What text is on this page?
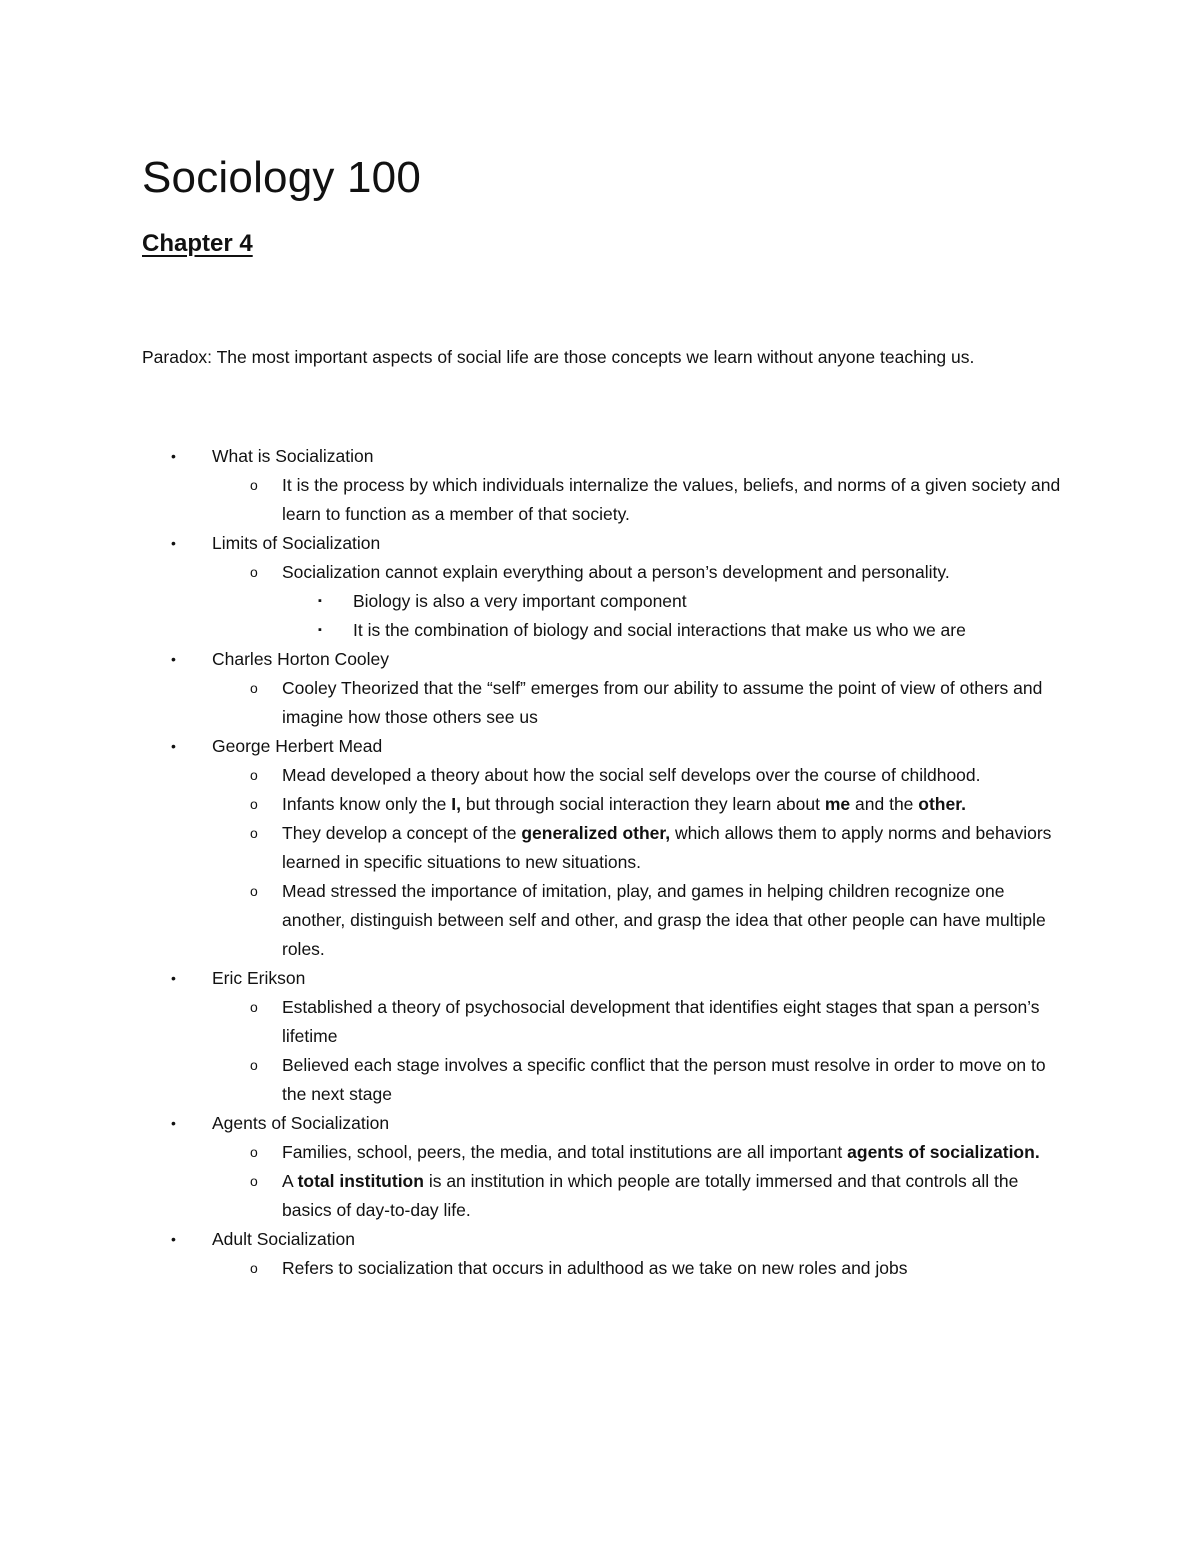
Sociology 100
Chapter 4

Paradox: The most important aspects of social life are those concepts we learn without anyone teaching us.

• What is Socialization
o It is the process by which individuals internalize the values, beliefs, and norms of a given society and learn to function as a member of that society.
• Limits of Socialization
o Socialization cannot explain everything about a person’s development and personality.
▪ Biology is also a very important component
▪ It is the combination of biology and social interactions that make us who we are
• Charles Horton Cooley
o Cooley Theorized that the “self” emerges from our ability to assume the point of view of others and imagine how those others see us
• George Herbert Mead
o Mead developed a theory about how the social self develops over the course of childhood.
o Infants know only the I, but through social interaction they learn about me and the other.
o They develop a concept of the generalized other, which allows them to apply norms and behaviors learned in specific situations to new situations.
o Mead stressed the importance of imitation, play, and games in helping children recognize one another, distinguish between self and other, and grasp the idea that other people can have multiple roles.
• Eric Erikson
o Established a theory of psychosocial development that identifies eight stages that span a person’s lifetime
o Believed each stage involves a specific conflict that the person must resolve in order to move on to the next stage
• Agents of Socialization
o Families, school, peers, the media, and total institutions are all important agents of socialization.
o A total institution is an institution in which people are totally immersed and that controls all the basics of day-to-day life.
• Adult Socialization
o Refers to socialization that occurs in adulthood as we take on new roles and jobs
